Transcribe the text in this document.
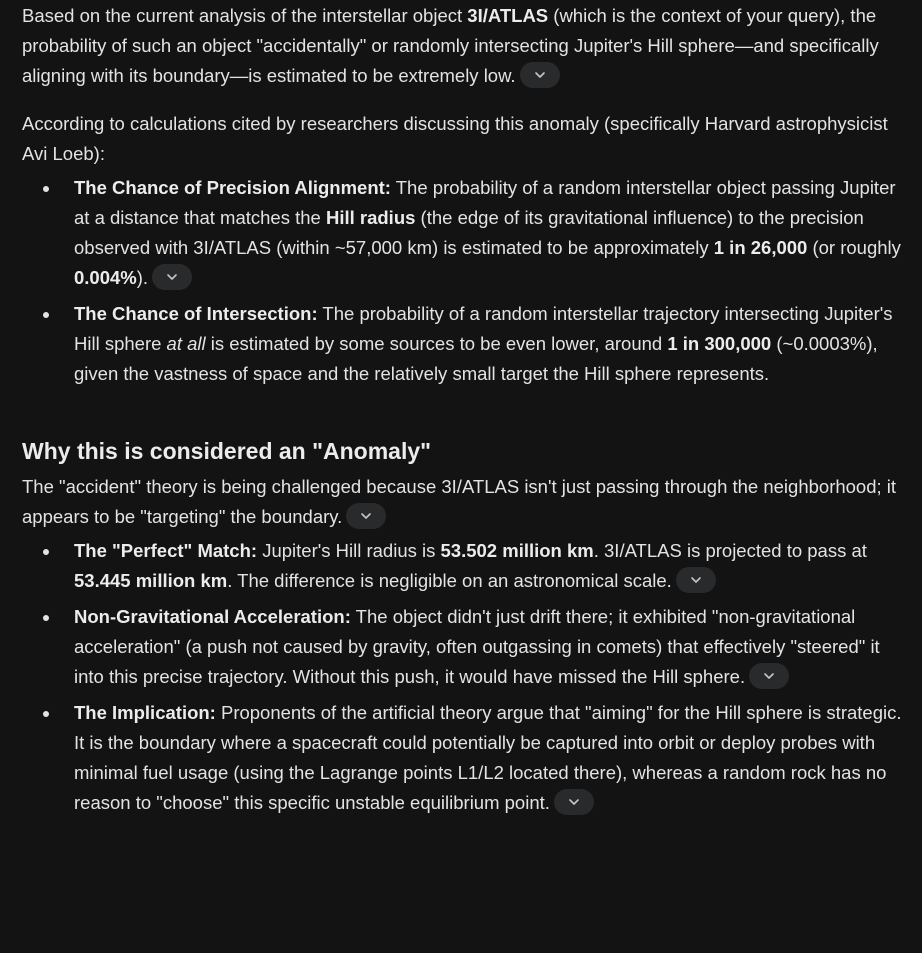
Based on the current analysis of the interstellar object 3I/ATLAS (which is the context of your query), the probability of such an object "accidentally" or randomly intersecting Jupiter's Hill sphere—and specifically aligning with its boundary—is estimated to be extremely low.

According to calculations cited by researchers discussing this anomaly (specifically Harvard astrophysicist Avi Loeb):

The Chance of Precision Alignment: The probability of a random interstellar object passing Jupiter at a distance that matches the Hill radius (the edge of its gravitational influence) to the precision observed with 3I/ATLAS (within ~57,000 km) is estimated to be approximately 1 in 26,000 (or roughly 0.004%).
The Chance of Intersection: The probability of a random interstellar trajectory intersecting Jupiter's Hill sphere at all is estimated by some sources to be even lower, around 1 in 300,000 (~0.0003%), given the vastness of space and the relatively small target the Hill sphere represents.
Why this is considered an "Anomaly"

The "accident" theory is being challenged because 3I/ATLAS isn't just passing through the neighborhood; it appears to be "targeting" the boundary.

The "Perfect" Match: Jupiter's Hill radius is 53.502 million km. 3I/ATLAS is projected to pass at 53.445 million km. The difference is negligible on an astronomical scale.
Non-Gravitational Acceleration: The object didn't just drift there; it exhibited "non-gravitational acceleration" (a push not caused by gravity, often outgassing in comets) that effectively "steered" it into this precise trajectory. Without this push, it would have missed the Hill sphere.
The Implication: Proponents of the artificial theory argue that "aiming" for the Hill sphere is strategic. It is the boundary where a spacecraft could potentially be captured into orbit or deploy probes with minimal fuel usage (using the Lagrange points L1/L2 located there), whereas a random rock has no reason to "choose" this specific unstable equilibrium point.
